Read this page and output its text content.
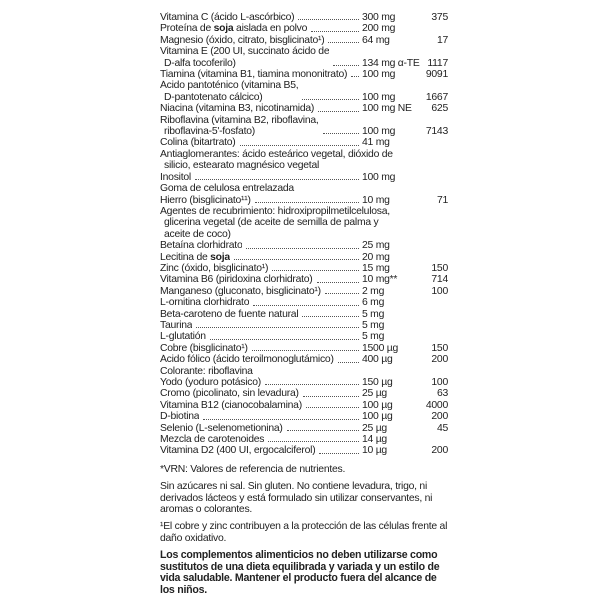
Vitamina C (ácido L-ascórbico)	300 mg	375
Proteína de soja aislada en polvo	200 mg
Magnesio (óxido, citrato, bisglicinato¹)	64 mg	17
Vitamina E (200 UI, succinato ácido de
D-alfa tocoferilo)	134 mg α-TE 1117
Tiamina (vitamina B1, tiamina mononitrato) 100 mg	9091
Ácido pantoténico (vitamina B5,
D-pantotenato cálcico)	100 mg	1667
Niacina (vitamina B3, nicotinamida)	100 mg NE	625
Riboflavina (vitamina B2, riboflavina,
riboflavina-5'-fosfato)	100 mg	7143
Colina (bitartrato)	41 mg
Antiaglomerantes: ácido esteárico vegetal, dióxido de
silicio, estearato magnésico vegetal
Inositol	100 mg
Goma de celulosa entrelazada
Hierro (bisglicinato¹¹)	10 mg	71
Agentes de recubrimiento: hidroxipropilmetilcelulosa,
glicerina vegetal (de aceite de semilla de palma y
aceite de coco)
Betaína clorhidrato	25 mg
Lecitina de soja	20 mg
Zinc (óxido, bisglicinato¹)	15 mg	150
Vitamina B6 (piridoxina clorhidrato)	10 mg**	714
Manganeso (gluconato, bisglicinato¹)	2 mg	100
L-ornitina clorhidrato	6 mg
Beta-caroteno de fuente natural	5 mg
Taurina	5 mg
L-glutatión	5 mg
Cobre (bisglicinato¹)	1500 µg	150
Ácido fólico (ácido teroilmonoglutámico)	400 µg	200
Colorante: riboflavina
Yodo (yoduro potásico)	150 µg	100
Cromo (picolinato, sin levadura)	25 µg	63
Vitamina B12 (cianocobalamina)	100 µg	4000
D-biotina	100 µg	200
Selenio (L-selenometionina)	25 µg	45
Mezcla de carotenoides	14 µg
Vitamina D2 (400 UI, ergocalciferol)	10 µg	200
*VRN: Valores de referencia de nutrientes.
Sin azúcares ni sal. Sin gluten. No contiene levadura, trigo, ni derivados lácteos y está formulado sin utilizar conservantes, ni aromas o colorantes.
¹El cobre y zinc contribuyen a la protección de las células frente al daño oxidativo.
Los complementos alimenticios no deben utilizarse como sustitutos de una dieta equilibrada y variada y un estilo de vida saludable. Mantener el producto fuera del alcance de los niños.
